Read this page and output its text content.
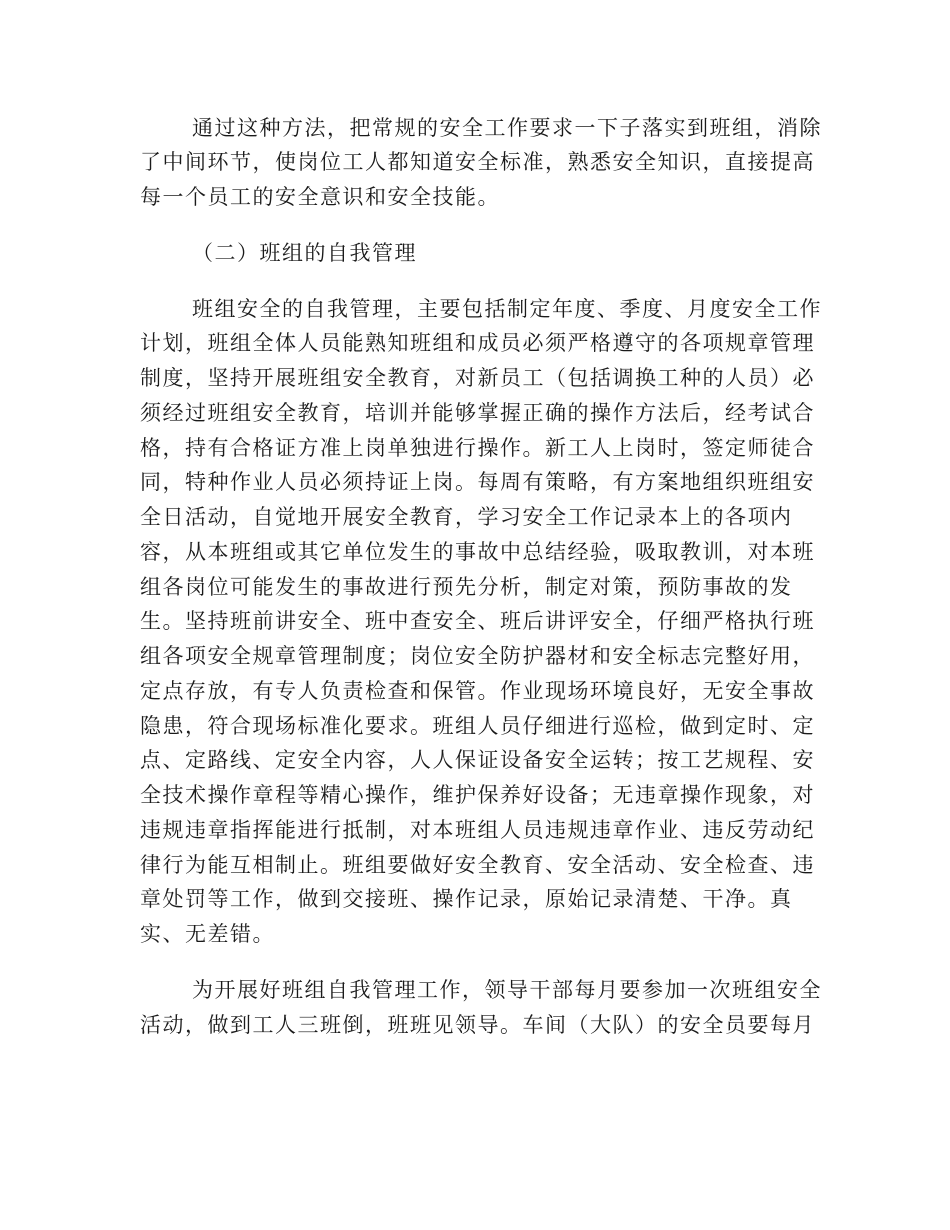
通过这种方法，把常规的安全工作要求一下子落实到班组，消除
了中间环节，使岗位工人都知道安全标准，熟悉安全知识，直接提高
每一个员工的安全意识和安全技能。
（二）班组的自我管理
班组安全的自我管理，主要包括制定年度、季度、月度安全工作
计划，班组全体人员能熟知班组和成员必须严格遵守的各项规章管理
制度，坚持开展班组安全教育，对新员工（包括调换工种的人员）必
须经过班组安全教育，培训并能够掌握正确的操作方法后，经考试合
格，持有合格证方准上岗单独进行操作。新工人上岗时，签定师徒合
同，特种作业人员必须持证上岗。每周有策略，有方案地组织班组安
全日活动，自觉地开展安全教育，学习安全工作记录本上的各项内
容，从本班组或其它单位发生的事故中总结经验，吸取教训，对本班
组各岗位可能发生的事故进行预先分析，制定对策，预防事故的发
生。坚持班前讲安全、班中查安全、班后讲评安全，仔细严格执行班
组各项安全规章管理制度；岗位安全防护器材和安全标志完整好用，
定点存放，有专人负责检查和保管。作业现场环境良好，无安全事故
隐患，符合现场标准化要求。班组人员仔细进行巡检，做到定时、定
点、定路线、定安全内容，人人保证设备安全运转；按工艺规程、安
全技术操作章程等精心操作，维护保养好设备；无违章操作现象，对
违规违章指挥能进行抵制，对本班组人员违规违章作业、违反劳动纪
律行为能互相制止。班组要做好安全教育、安全活动、安全检查、违
章处罚等工作，做到交接班、操作记录，原始记录清楚、干净。真
实、无差错。
为开展好班组自我管理工作，领导干部每月要参加一次班组安全
活动，做到工人三班倒，班班见领导。车间（大队）的安全员要每月
